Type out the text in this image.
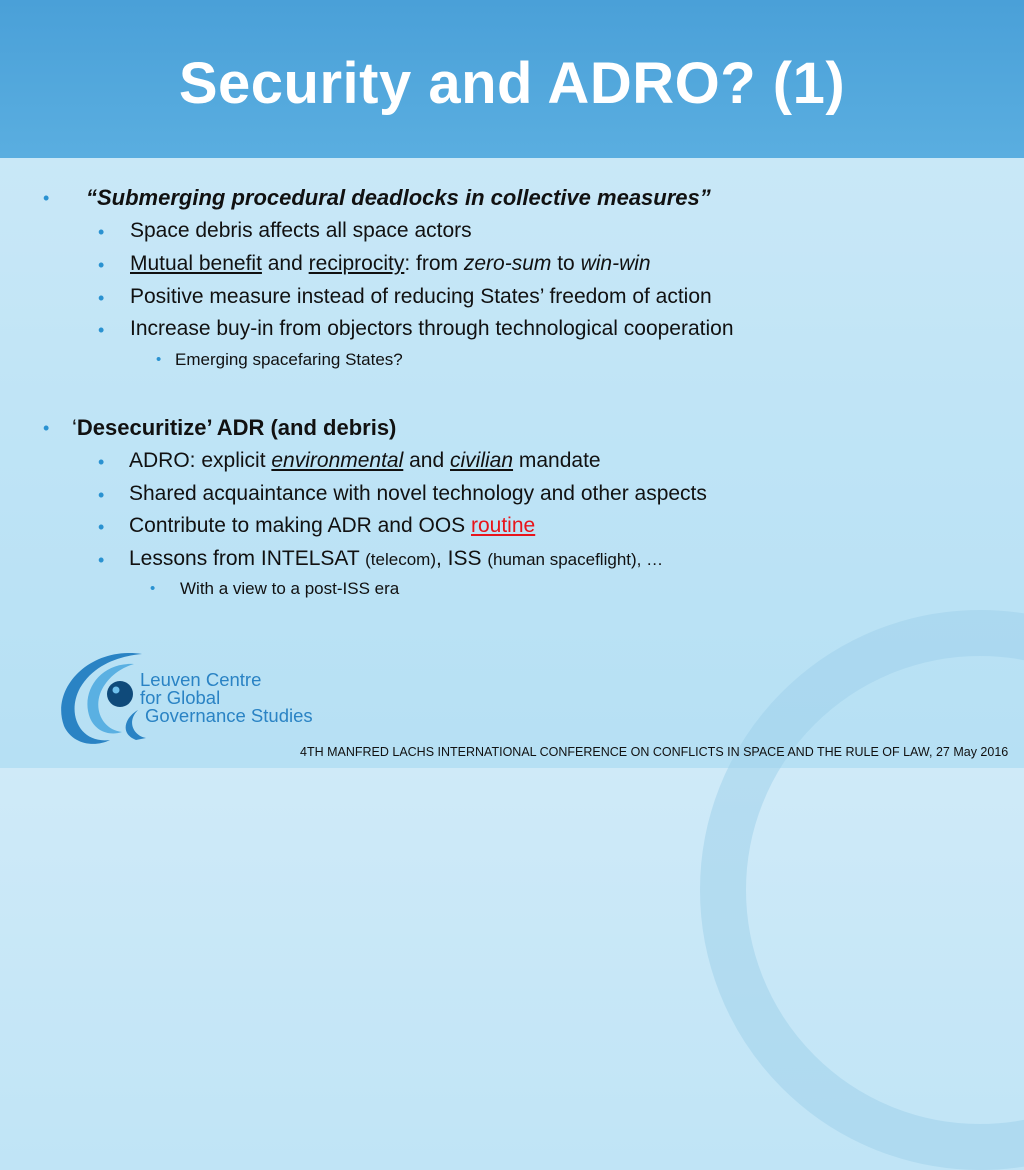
Security and ADRO? (1)
• “Submerging procedural deadlocks in collective measures”
• Space debris affects all space actors
• Mutual benefit and reciprocity: from zero-sum to win-win
• Positive measure instead of reducing States’ freedom of action
• Increase buy-in from objectors through technological cooperation
• Emerging spacefaring States?
• ‘Desecuritize’ ADR (and debris)
• ADRO: explicit environmental and civilian mandate
• Shared acquaintance with novel technology and other aspects
• Contribute to making ADR and OOS routine
• Lessons from INTELSAT (telecom), ISS (human spaceflight), …
• With a view to a post-ISS era
Leuven Centre
for Global
Governance Studies
4TH MANFRED LACHS INTERNATIONAL CONFERENCE ON CONFLICTS IN SPACE AND THE RULE OF LAW, 27 May 2016
